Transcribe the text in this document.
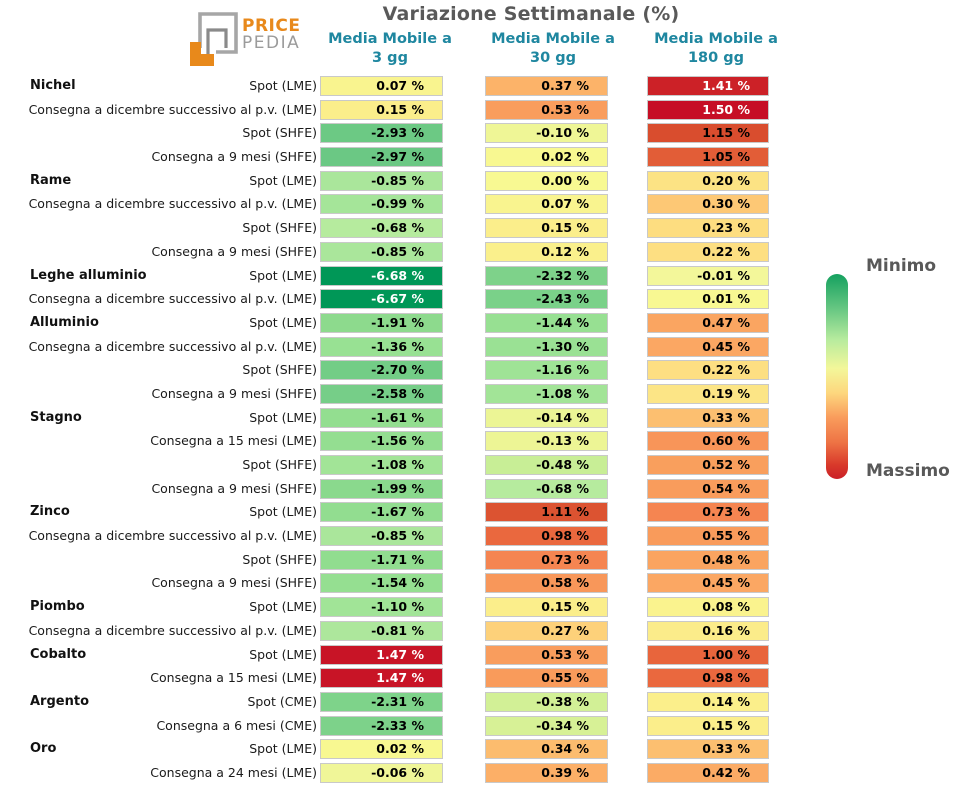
PRICE
PEDIA
Variazione Settimanale (%)
Media Mobile a
3 gg
Media Mobile a
30 gg
Media Mobile a
180 gg
Nichel	Spot (LME)	0.07 %	0.37 %	1.41 %
Consegna a dicembre successivo al p.v. (LME)	0.15 %	0.53 %	1.50 %
Spot (SHFE)	-2.93 %	-0.10 %	1.15 %
Consegna a 9 mesi (SHFE)	-2.97 %	0.02 %	1.05 %
Rame	Spot (LME)	-0.85 %	0.00 %	0.20 %
Consegna a dicembre successivo al p.v. (LME)	-0.99 %	0.07 %	0.30 %
Spot (SHFE)	-0.68 %	0.15 %	0.23 %
Consegna a 9 mesi (SHFE)	-0.85 %	0.12 %	0.22 %
Leghe alluminio	Spot (LME)	-6.68 %	-2.32 %	-0.01 %
Consegna a dicembre successivo al p.v. (LME)	-6.67 %	-2.43 %	0.01 %
Alluminio	Spot (LME)	-1.91 %	-1.44 %	0.47 %
Consegna a dicembre successivo al p.v. (LME)	-1.36 %	-1.30 %	0.45 %
Spot (SHFE)	-2.70 %	-1.16 %	0.22 %
Consegna a 9 mesi (SHFE)	-2.58 %	-1.08 %	0.19 %
Stagno	Spot (LME)	-1.61 %	-0.14 %	0.33 %
Consegna a 15 mesi (LME)	-1.56 %	-0.13 %	0.60 %
Spot (SHFE)	-1.08 %	-0.48 %	0.52 %
Consegna a 9 mesi (SHFE)	-1.99 %	-0.68 %	0.54 %
Zinco	Spot (LME)	-1.67 %	1.11 %	0.73 %
Consegna a dicembre successivo al p.v. (LME)	-0.85 %	0.98 %	0.55 %
Spot (SHFE)	-1.71 %	0.73 %	0.48 %
Consegna a 9 mesi (SHFE)	-1.54 %	0.58 %	0.45 %
Piombo	Spot (LME)	-1.10 %	0.15 %	0.08 %
Consegna a dicembre successivo al p.v. (LME)	-0.81 %	0.27 %	0.16 %
Cobalto	Spot (LME)	1.47 %	0.53 %	1.00 %
Consegna a 15 mesi (LME)	1.47 %	0.55 %	0.98 %
Argento	Spot (CME)	-2.31 %	-0.38 %	0.14 %
Consegna a 6 mesi (CME)	-2.33 %	-0.34 %	0.15 %
Oro	Spot (LME)	0.02 %	0.34 %	0.33 %
Consegna a 24 mesi (LME)	-0.06 %	0.39 %	0.42 %
Minimo
Massimo
